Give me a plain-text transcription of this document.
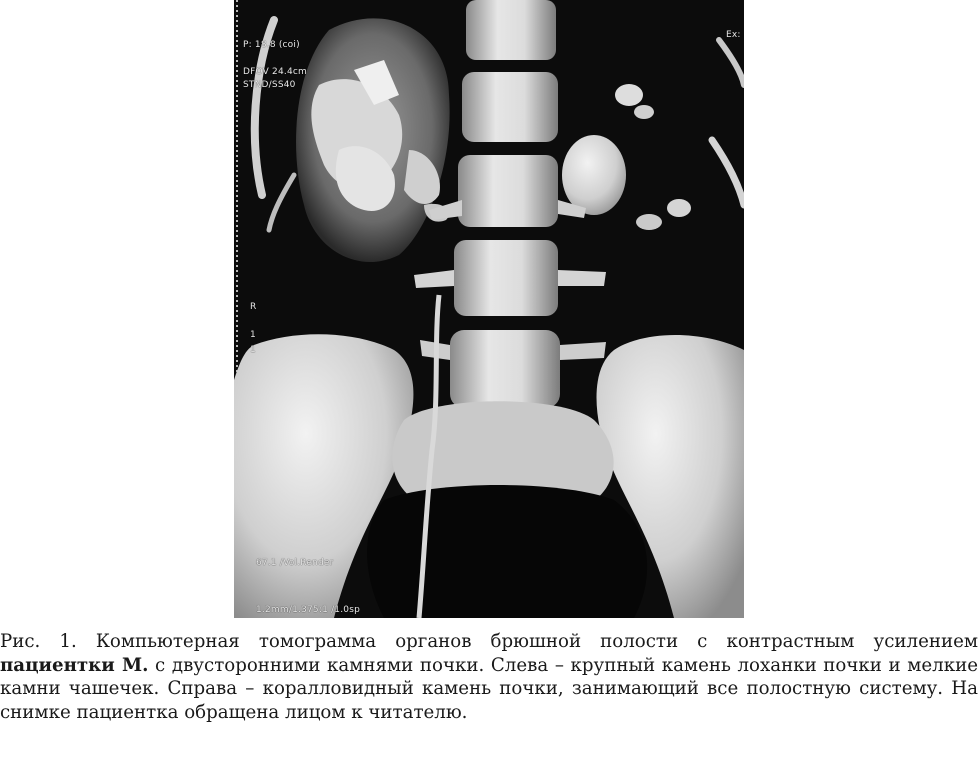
P: 18.8 (coi)
DFOV 24.4cm
STND/SS40
Ex:
R
1
1
67.1 /Vol.Render
1.2mm/1.375:1 /1.0sp

Рис. 1. Компьютерная томограмма органов брюшной полости с контрастным усилением пациентки М. с двусторонними камнями почки. Слева – крупный камень лоханки почки и мелкие камни чашечек. Справа – коралловидный камень почки, занимающий все полостную систему. На снимке пациентка обращена лицом к читателю.
